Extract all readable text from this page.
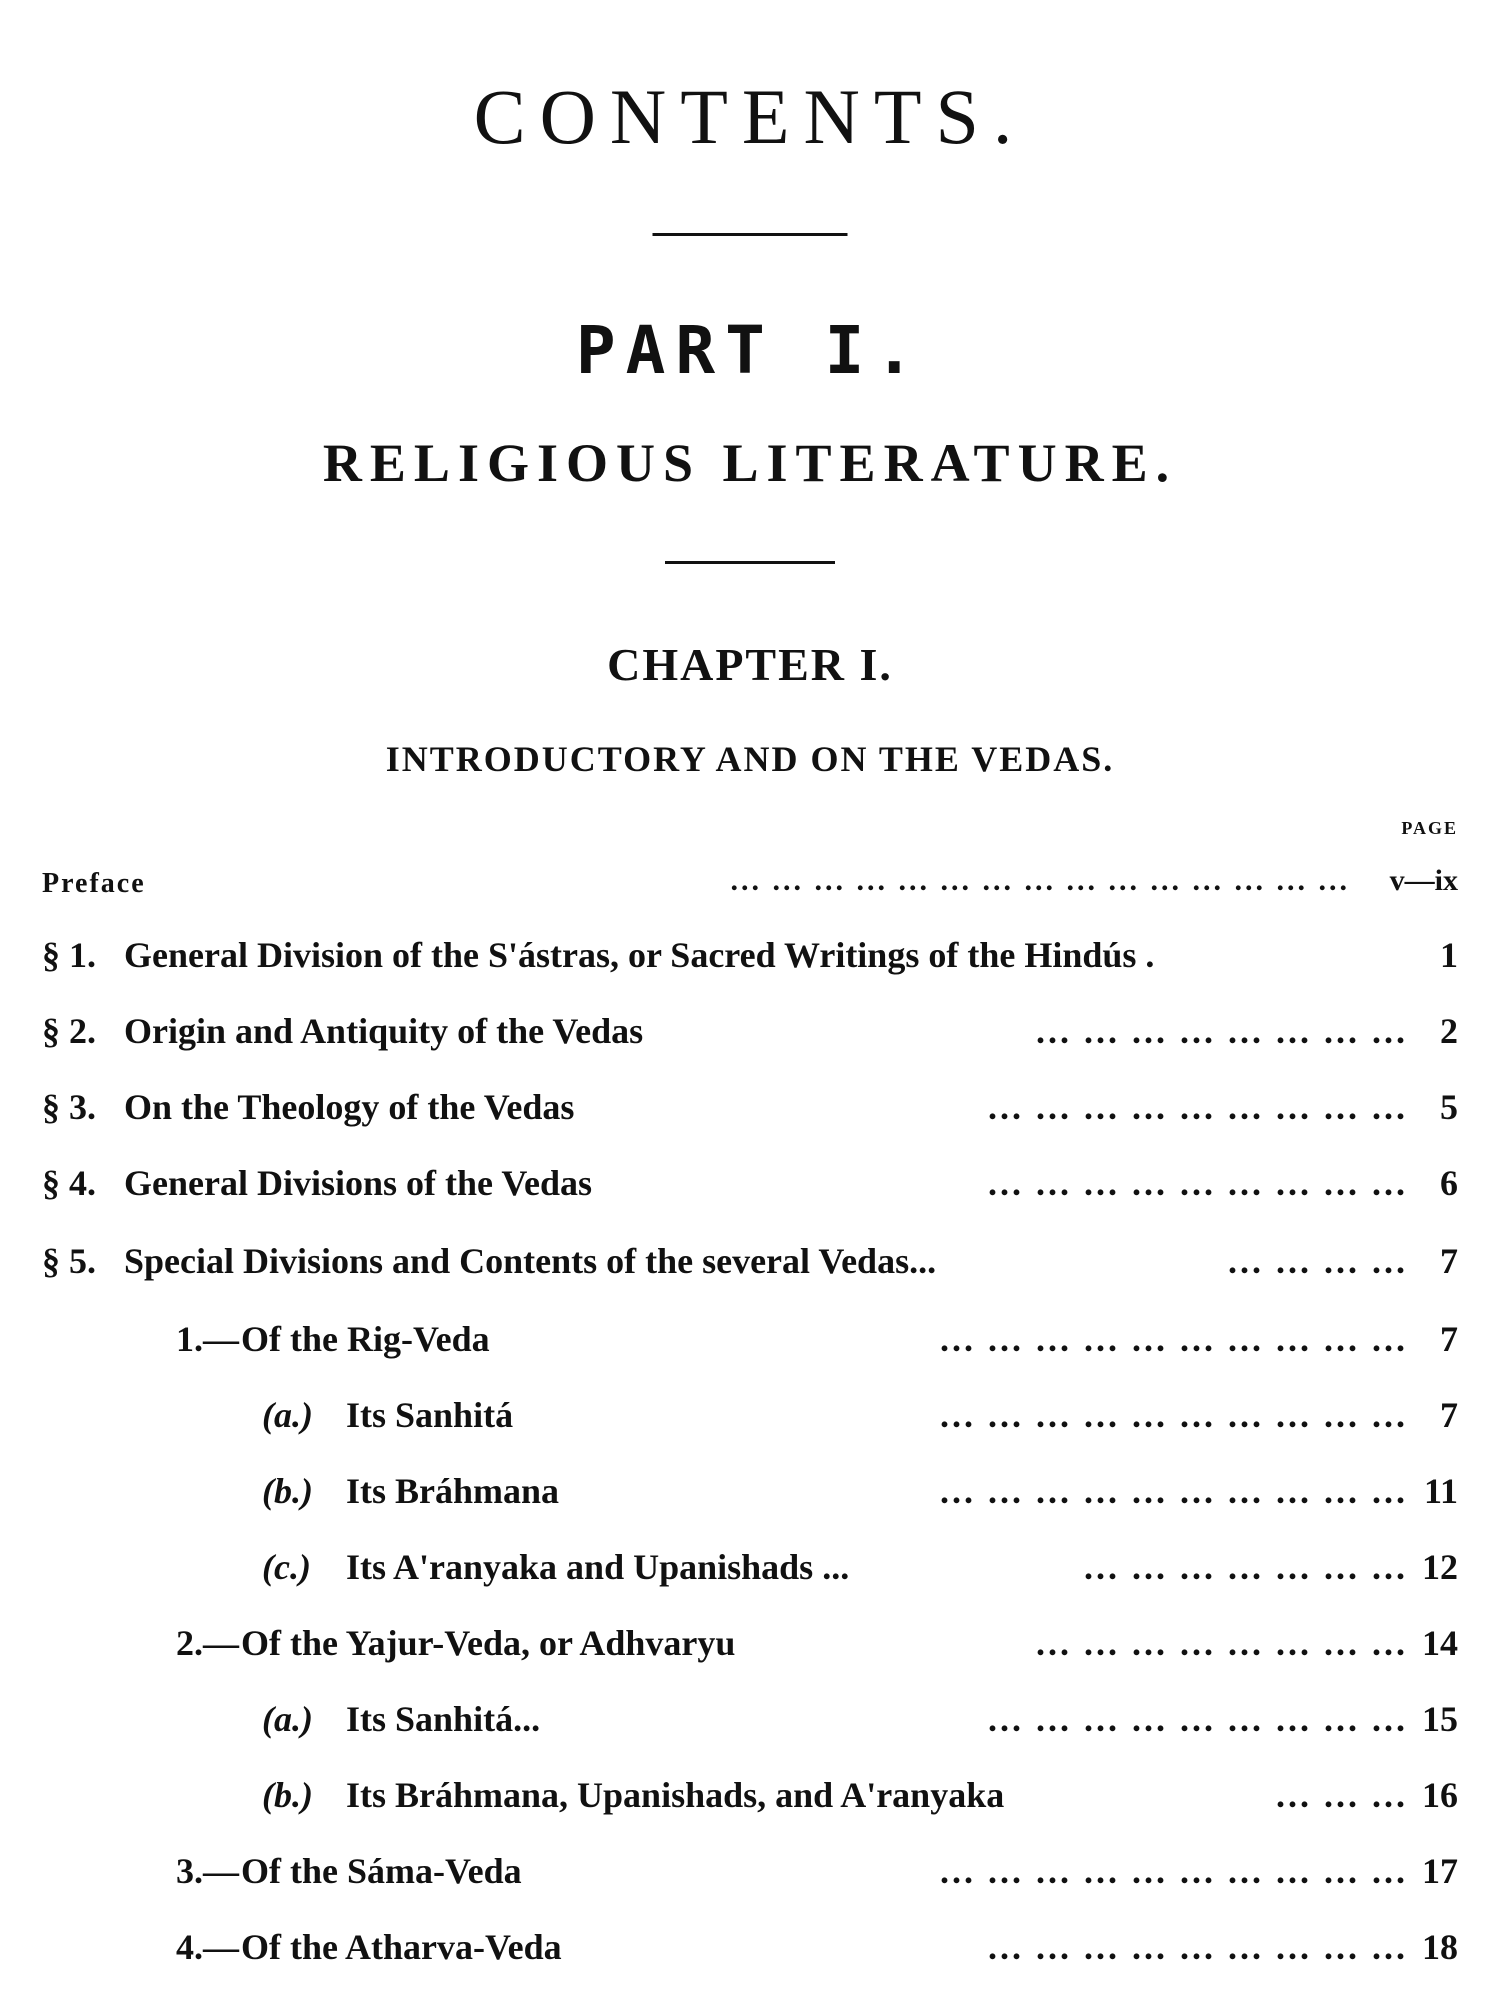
CONTENTS.
PART I.
RELIGIOUS LITERATURE.
CHAPTER I.
INTRODUCTORY AND ON THE VEDAS.

PAGE

Preface	... ... ... ... ... ... ... ... ... ... ... ... ... ... ... v—ix
§ 1. General Division of the S'ástras, or Sacred Writings of the Hindús .	1
§ 2. Origin and Antiquity of the Vedas	... ... ... ... ... ... ... ... 2
§ 3. On the Theology of the Vedas	... ... ... ... ... ... ... ... ... 5
§ 4. General Divisions of the Vedas	... ... ... ... ... ... ... ... ... 6
§ 5. Special Divisions and Contents of the several Vedas...	... ... ... ... 7
1.—Of the Rig-Veda	... ... ... ... ... ... ... ... ... ... 7
(a.) Its Sanhitá	... ... ... ... ... ... ... ... ... ... 7
(b.) Its Bráhmana	... ... ... ... ... ... ... ... ... ... 11
(c.) Its A'ranyaka and Upanishads ...	... ... ... ... ... ... ... 12
2.—Of the Yajur-Veda, or Adhvaryu	... ... ... ... ... ... ... ... 14
(a.) Its Sanhitá...	... ... ... ... ... ... ... ... ... 15
(b.) Its Bráhmana, Upanishads, and A'ranyaka	... ... ... 16
3.—Of the Sáma-Veda	... ... ... ... ... ... ... ... ... ... 17
4.—Of the Atharva-Veda	... ... ... ... ... ... ... ... ... 18
